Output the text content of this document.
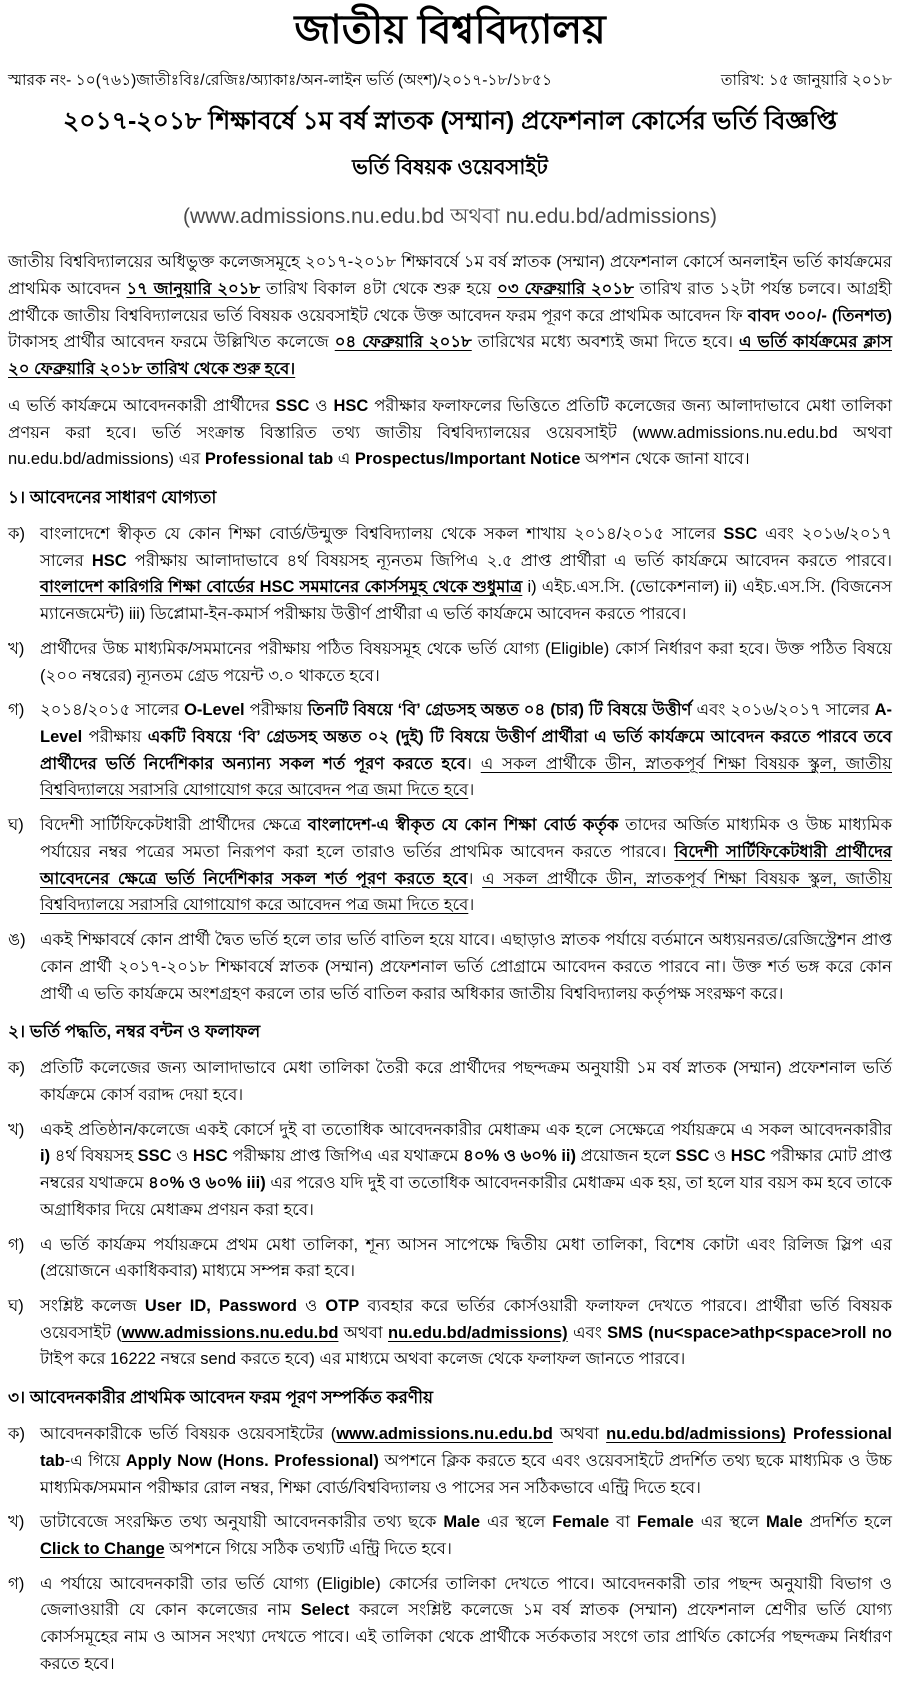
জাতীয় বিশ্ববিদ্যালয়
স্মারক নং- ১০(৭৬১)জাতীঃবিঃ/রেজিঃ/অ্যাকাঃ/অন-লাইন ভর্তি (অংশ)/২০১৭-১৮/১৮৫১	তারিখ: ১৫ জানুয়ারি ২০১৮
২০১৭-২০১৮ শিক্ষাবর্ষে ১ম বর্ষ স্নাতক (সম্মান) প্রফেশনাল কোর্সের ভর্তি বিজ্ঞপ্তি
ভর্তি বিষয়ক ওয়েবসাইট
(www.admissions.nu.edu.bd অথবা nu.edu.bd/admissions)

জাতীয় বিশ্ববিদ্যালয়ের অধিভুক্ত কলেজসমূহে ২০১৭-২০১৮ শিক্ষাবর্ষে ১ম বর্ষ স্নাতক (সম্মান) প্রফেশনাল কোর্সে অনলাইন ভর্তি কার্যক্রমের প্রাথমিক আবেদন ১৭ জানুয়ারি ২০১৮ তারিখ বিকাল ৪টা থেকে শুরু হয়ে ০৩ ফেব্রুয়ারি ২০১৮ তারিখ রাত ১২টা পর্যন্ত চলবে। আগ্রহী প্রার্থীকে জাতীয় বিশ্ববিদ্যালয়ের ভর্তি বিষয়ক ওয়েবসাইট থেকে উক্ত আবেদন ফরম পূরণ করে প্রাথমিক আবেদন ফি বাবদ ৩০০/- (তিনশত) টাকাসহ প্রার্থীর আবেদন ফরমে উল্লিখিত কলেজে ০৪ ফেব্রুয়ারি ২০১৮ তারিখের মধ্যে অবশ্যই জমা দিতে হবে। এ ভর্তি কার্যক্রমের ক্লাস ২০ ফেব্রুয়ারি ২০১৮ তারিখ থেকে শুরু হবে।

এ ভর্তি কার্যক্রমে আবেদনকারী প্রার্থীদের SSC ও HSC পরীক্ষার ফলাফলের ভিত্তিতে প্রতিটি কলেজের জন্য আলাদাভাবে মেধা তালিকা প্রণয়ন করা হবে। ভর্তি সংক্রান্ত বিস্তারিত তথ্য জাতীয় বিশ্ববিদ্যালয়ের ওয়েবসাইট (www.admissions.nu.edu.bd অথবা nu.edu.bd/admissions) এর Professional tab এ Prospectus/Important Notice অপশন থেকে জানা যাবে।

১। আবেদনের সাধারণ যোগ্যতা
ক) বাংলাদেশে স্বীকৃত যে কোন শিক্ষা বোর্ড/উন্মুক্ত বিশ্ববিদ্যালয় থেকে সকল শাখায় ২০১৪/২০১৫ সালের SSC এবং ২০১৬/২০১৭ সালের HSC পরীক্ষায় আলাদাভাবে ৪র্থ বিষয়সহ ন্যূনতম জিপিএ ২.৫ প্রাপ্ত প্রার্থীরা এ ভর্তি কার্যক্রমে আবেদন করতে পারবে। বাংলাদেশ কারিগরি শিক্ষা বোর্ডের HSC সমমানের কোর্সসমূহ থেকে শুধুমাত্র i) এইচ.এস.সি. (ভোকেশনাল) ii) এইচ.এস.সি. (বিজনেস ম্যানেজমেন্ট) iii) ডিপ্লোমা-ইন-কমার্স পরীক্ষায় উত্তীর্ণ প্রার্থীরা এ ভর্তি কার্যক্রমে আবেদন করতে পারবে।
খ) প্রার্থীদের উচ্চ মাধ্যমিক/সমমানের পরীক্ষায় পঠিত বিষয়সমূহ থেকে ভর্তি যোগ্য (Eligible) কোর্স নির্ধারণ করা হবে। উক্ত পঠিত বিষয়ে (২০০ নম্বরের) ন্যূনতম গ্রেড পয়েন্ট ৩.০ থাকতে হবে।
গ) ২০১৪/২০১৫ সালের O-Level পরীক্ষায় তিনটি বিষয়ে ‘বি’ গ্রেডসহ অন্তত ০৪ (চার) টি বিষয়ে উত্তীর্ণ এবং ২০১৬/২০১৭ সালের A-Level পরীক্ষায় একটি বিষয়ে ‘বি’ গ্রেডসহ অন্তত ০২ (দুই) টি বিষয়ে উত্তীর্ণ প্রার্থীরা এ ভর্তি কার্যক্রমে আবেদন করতে পারবে তবে প্রার্থীদের ভর্তি নির্দেশিকার অন্যান্য সকল শর্ত পূরণ করতে হবে। এ সকল প্রার্থীকে ডীন, স্নাতকপূর্ব শিক্ষা বিষয়ক স্কুল, জাতীয় বিশ্ববিদ্যালয়ে সরাসরি যোগাযোগ করে আবেদন পত্র জমা দিতে হবে।
ঘ) বিদেশী সার্টিফিকেটধারী প্রার্থীদের ক্ষেত্রে বাংলাদেশ-এ স্বীকৃত যে কোন শিক্ষা বোর্ড কর্তৃক তাদের অর্জিত মাধ্যমিক ও উচ্চ মাধ্যমিক পর্যায়ের নম্বর পত্রের সমতা নিরূপণ করা হলে তারাও ভর্তির প্রাথমিক আবেদন করতে পারবে। বিদেশী সার্টিফিকেটধারী প্রার্থীদের আবেদনের ক্ষেত্রে ভর্তি নির্দেশিকার সকল শর্ত পূরণ করতে হবে। এ সকল প্রার্থীকে ডীন, স্নাতকপূর্ব শিক্ষা বিষয়ক স্কুল, জাতীয় বিশ্ববিদ্যালয়ে সরাসরি যোগাযোগ করে আবেদন পত্র জমা দিতে হবে।
ঙ) একই শিক্ষাবর্ষে কোন প্রার্থী দ্বৈত ভর্তি হলে তার ভর্তি বাতিল হয়ে যাবে। এছাড়াও স্নাতক পর্যায়ে বর্তমানে অধ্যয়নরত/রেজিস্ট্রেশন প্রাপ্ত কোন প্রার্থী ২০১৭-২০১৮ শিক্ষাবর্ষে স্নাতক (সম্মান) প্রফেশনাল ভর্তি প্রোগ্রামে আবেদন করতে পারবে না। উক্ত শর্ত ভঙ্গ করে কোন প্রার্থী এ ভতি কার্যক্রমে অংশগ্রহণ করলে তার ভর্তি বাতিল করার অধিকার জাতীয় বিশ্ববিদ্যালয় কর্তৃপক্ষ সংরক্ষণ করে।
২। ভর্তি পদ্ধতি, নম্বর বন্টন ও ফলাফল
ক) প্রতিটি কলেজের জন্য আলাদাভাবে মেধা তালিকা তৈরী করে প্রার্থীদের পছন্দক্রম অনুযায়ী ১ম বর্ষ স্নাতক (সম্মান) প্রফেশনাল ভর্তি কার্যক্রমে কোর্স বরাদ্দ দেয়া হবে।
খ) একই প্রতিষ্ঠান/কলেজে একই কোর্সে দুই বা ততোধিক আবেদনকারীর মেধাক্রম এক হলে সেক্ষেত্রে পর্যায়ক্রমে এ সকল আবেদনকারীর i) ৪র্থ বিষয়সহ SSC ও HSC পরীক্ষায় প্রাপ্ত জিপিএ এর যথাক্রমে ৪০% ও ৬০% ii) প্রয়োজন হলে SSC ও HSC পরীক্ষার মোট প্রাপ্ত নম্বরের যথাক্রমে ৪০% ও ৬০% iii) এর পরেও যদি দুই বা ততোধিক আবেদনকারীর মেধাক্রম এক হয়, তা হলে যার বয়স কম হবে তাকে অগ্রাধিকার দিয়ে মেধাক্রম প্রণয়ন করা হবে।
গ) এ ভর্তি কার্যক্রম পর্যায়ক্রমে প্রথম মেধা তালিকা, শূন্য আসন সাপেক্ষে দ্বিতীয় মেধা তালিকা, বিশেষ কোটা এবং রিলিজ স্লিপ এর (প্রয়োজনে একাধিকবার) মাধ্যমে সম্পন্ন করা হবে।
ঘ) সংশ্লিষ্ট কলেজ User ID, Password ও OTP ব্যবহার করে ভর্তির কোর্সওয়ারী ফলাফল দেখতে পারবে। প্রার্থীরা ভর্তি বিষয়ক ওয়েবসাইট (www.admissions.nu.edu.bd অথবা nu.edu.bd/admissions) এবং SMS (nu<space>athp<space>roll no টাইপ করে 16222 নম্বরে send করতে হবে) এর মাধ্যমে অথবা কলেজ থেকে ফলাফল জানতে পারবে।
৩। আবেদনকারীর প্রাথমিক আবেদন ফরম পূরণ সম্পর্কিত করণীয়
ক) আবেদনকারীকে ভর্তি বিষয়ক ওয়েবসাইটের (www.admissions.nu.edu.bd অথবা nu.edu.bd/admissions) Professional tab-এ গিয়ে Apply Now (Hons. Professional) অপশনে ক্লিক করতে হবে এবং ওয়েবসাইটে প্রদর্শিত তথ্য ছকে মাধ্যমিক ও উচ্চ মাধ্যমিক/সমমান পরীক্ষার রোল নম্বর, শিক্ষা বোর্ড/বিশ্ববিদ্যালয় ও পাসের সন সঠিকভাবে এন্ট্রি দিতে হবে।
খ) ডাটাবেজে সংরক্ষিত তথ্য অনুযায়ী আবেদনকারীর তথ্য ছকে Male এর স্থলে Female বা Female এর স্থলে Male প্রদর্শিত হলে Click to Change অপশনে গিয়ে সঠিক তথ্যটি এন্ট্রি দিতে হবে।
গ) এ পর্যায়ে আবেদনকারী তার ভর্তি যোগ্য (Eligible) কোর্সের তালিকা দেখতে পাবে। আবেদনকারী তার পছন্দ অনুযায়ী বিভাগ ও জেলাওয়ারী যে কোন কলেজের নাম Select করলে সংশ্লিষ্ট কলেজে ১ম বর্ষ স্নাতক (সম্মান) প্রফেশনাল শ্রেণীর ভর্তি যোগ্য কোর্সসমূহের নাম ও আসন সংখ্যা দেখতে পাবে। এই তালিকা থেকে প্রার্থীকে সর্তকতার সংগে তার প্রার্থিত কোর্সের পছন্দক্রম নির্ধারণ করতে হবে।
